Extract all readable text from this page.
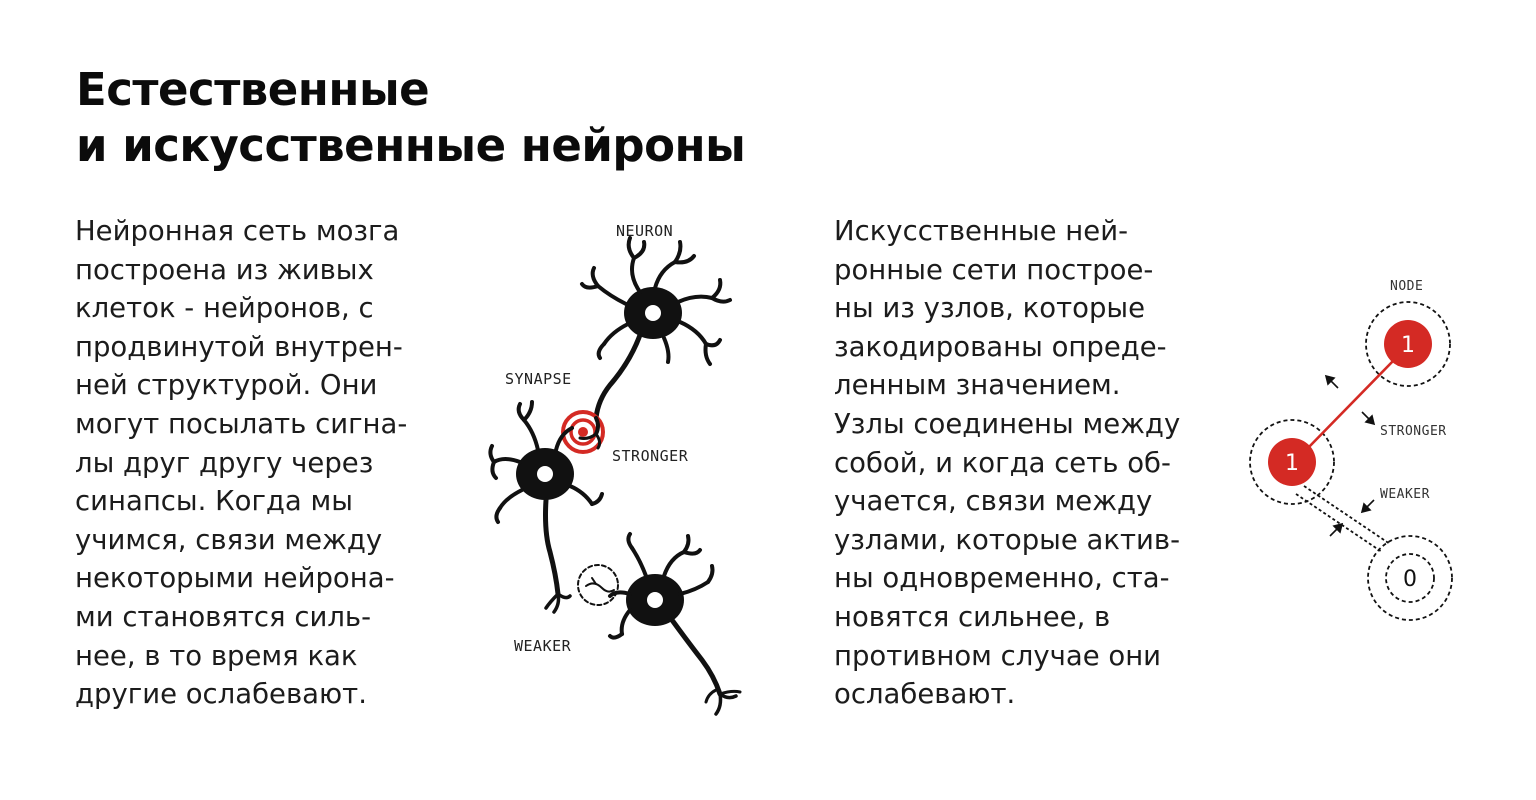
Естественные
и искусственные нейроны

Нейронная сеть мозга
построена из живых
клеток - нейронов, с
продвинутой внутрен-
ней структурой. Они
могут посылать сигна-
лы друг другу через
синапсы. Когда мы
учимся, связи между
некоторыми нейрона-
ми становятся силь-
нее, в то время как
другие ослабевают.

Искусственные ней-
ронные сети построе-
ны из узлов, которые
закодированы опреде-
ленным значением.
Узлы соединены между
собой, и когда сеть об-
учается, связи между
узлами, которые актив-
ны одновременно, ста-
новятся сильнее, в
противном случае они
ослабевают.

NEURON
SYNAPSE
STRONGER
WEAKER
1
1
0
NODE
STRONGER
WEAKER
